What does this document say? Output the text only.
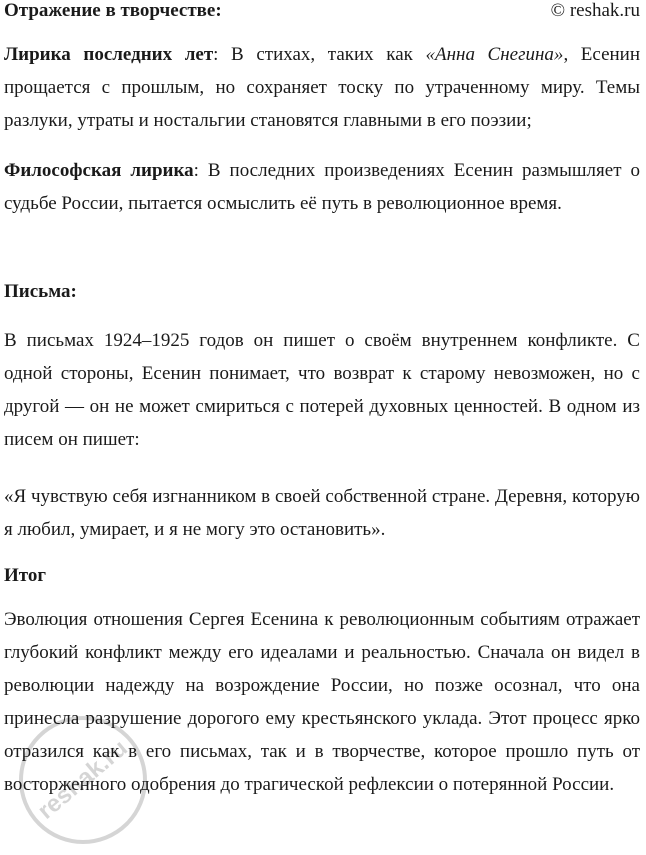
Отражение в творчестве:	© reshak.ru

Лирика последних лет: В стихах, таких как «Анна Снегина», Есенин прощается с прошлым, но сохраняет тоску по утраченному миру. Темы разлуки, утраты и ностальгии становятся главными в его поэзии;

Философская лирика: В последних произведениях Есенин размышляет о судьбе России, пытается осмыслить её путь в революционное время.

Письма:

В письмах 1924–1925 годов он пишет о своём внутреннем конфликте. С одной стороны, Есенин понимает, что возврат к старому невозможен, но с другой — он не может смириться с потерей духовных ценностей. В одном из писем он пишет:

«Я чувствую себя изгнанником в своей собственной стране. Деревня, которую я любил, умирает, и я не могу это остановить».

Итог

Эволюция отношения Сергея Есенина к революционным событиям отражает глубокий конфликт между его идеалами и реальностью. Сначала он видел в революции надежду на возрождение России, но позже осознал, что она принесла разрушение дорогого ему крестьянского уклада. Этот процесс ярко отразился как в его письмах, так и в творчестве, которое прошло путь от восторженного одобрения до трагической рефлексии о потерянной России.

reshak.ru
